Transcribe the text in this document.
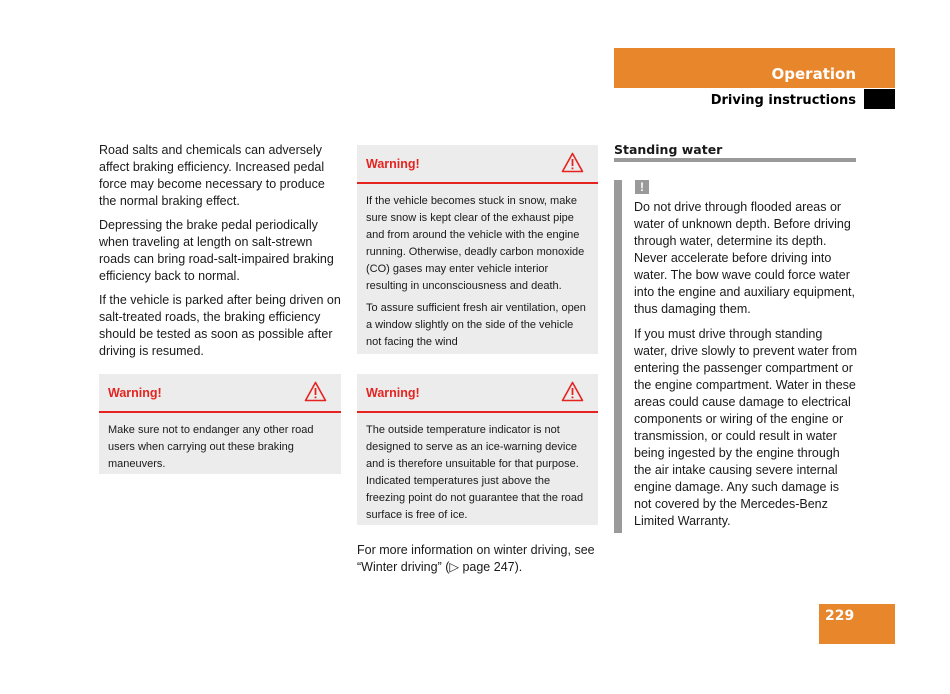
Operation
Driving instructions

Road salts and chemicals can adversely affect braking efficiency. Increased pedal force may become necessary to produce the normal braking effect.

Depressing the brake pedal periodically when traveling at length on salt-strewn roads can bring road-salt-impaired braking efficiency back to normal.

If the vehicle is parked after being driven on salt-treated roads, the braking efficiency should be tested as soon as possible after driving is resumed.

Warning!

Make sure not to endanger any other road users when carrying out these braking maneuvers.

Warning!

If the vehicle becomes stuck in snow, make sure snow is kept clear of the exhaust pipe and from around the vehicle with the engine running. Otherwise, deadly carbon monoxide (CO) gases may enter vehicle interior resulting in unconsciousness and death.

To assure sufficient fresh air ventilation, open a window slightly on the side of the vehicle not facing the wind

Warning!

The outside temperature indicator is not designed to serve as an ice-warning device and is therefore unsuitable for that purpose. Indicated temperatures just above the freezing point do not guarantee that the road surface is free of ice.

For more information on winter driving, see “Winter driving” (▷ page 247).

Standing water
!

Do not drive through flooded areas or water of unknown depth. Before driving through water, determine its depth. Never accelerate before driving into water. The bow wave could force water into the engine and auxiliary equipment, thus damaging them.

If you must drive through standing water, drive slowly to prevent water from entering the passenger compartment or the engine compartment. Water in these areas could cause damage to electrical components or wiring of the engine or transmission, or could result in water being ingested by the engine through the air intake causing severe internal engine damage. Any such damage is not covered by the Mercedes-Benz Limited Warranty.

229
